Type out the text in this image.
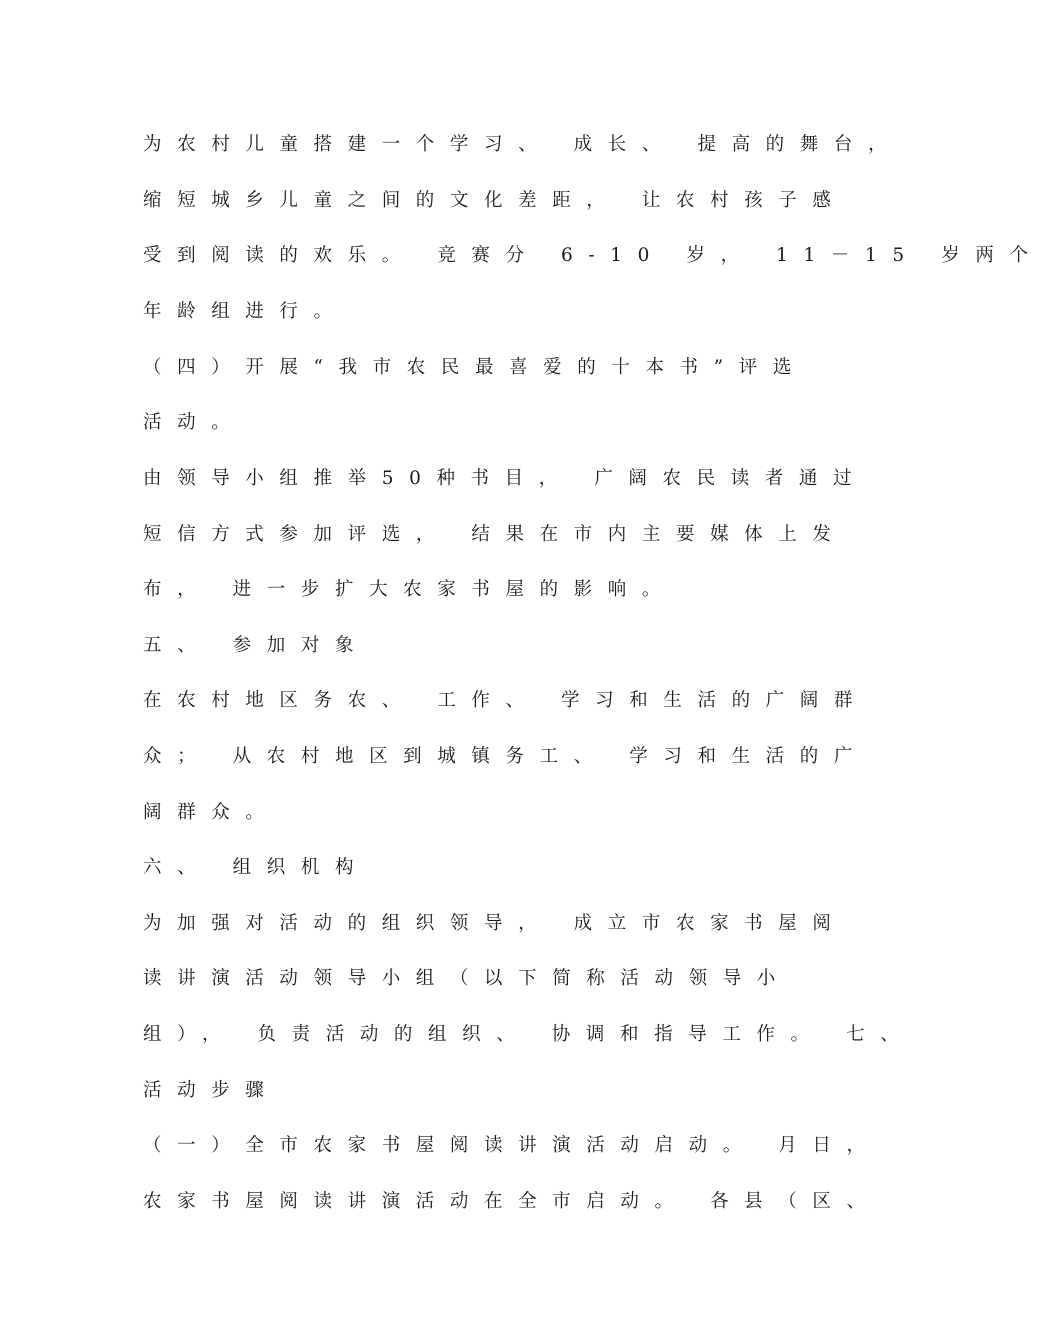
为农村儿童搭建一个学习、 成长、 提高的舞台，
缩短城乡儿童之间的文化差距， 让农村孩子感
受到阅读的欢乐。 竞赛分 6-10 岁， 11－15 岁两个
年龄组进行。
（四）开展“我市农民最喜爱的十本书”评选
活动。
由领导小组推举50种书目， 广阔农民读者通过
短信方式参加评选， 结果在市内主要媒体上发
布， 进一步扩大农家书屋的影响。
五、 参加对象
在农村地区务农、 工作、 学习和生活的广阔群
众； 从农村地区到城镇务工、 学习和生活的广
阔群众。
六、 组织机构
为加强对活动的组织领导， 成立市农家书屋阅
读讲演活动领导小组（以下简称活动领导小
组）， 负责活动的组织、 协调和指导工作。 七、
活动步骤
（一）全市农家书屋阅读讲演活动启动。 月日，
农家书屋阅读讲演活动在全市启动。 各县（区、
